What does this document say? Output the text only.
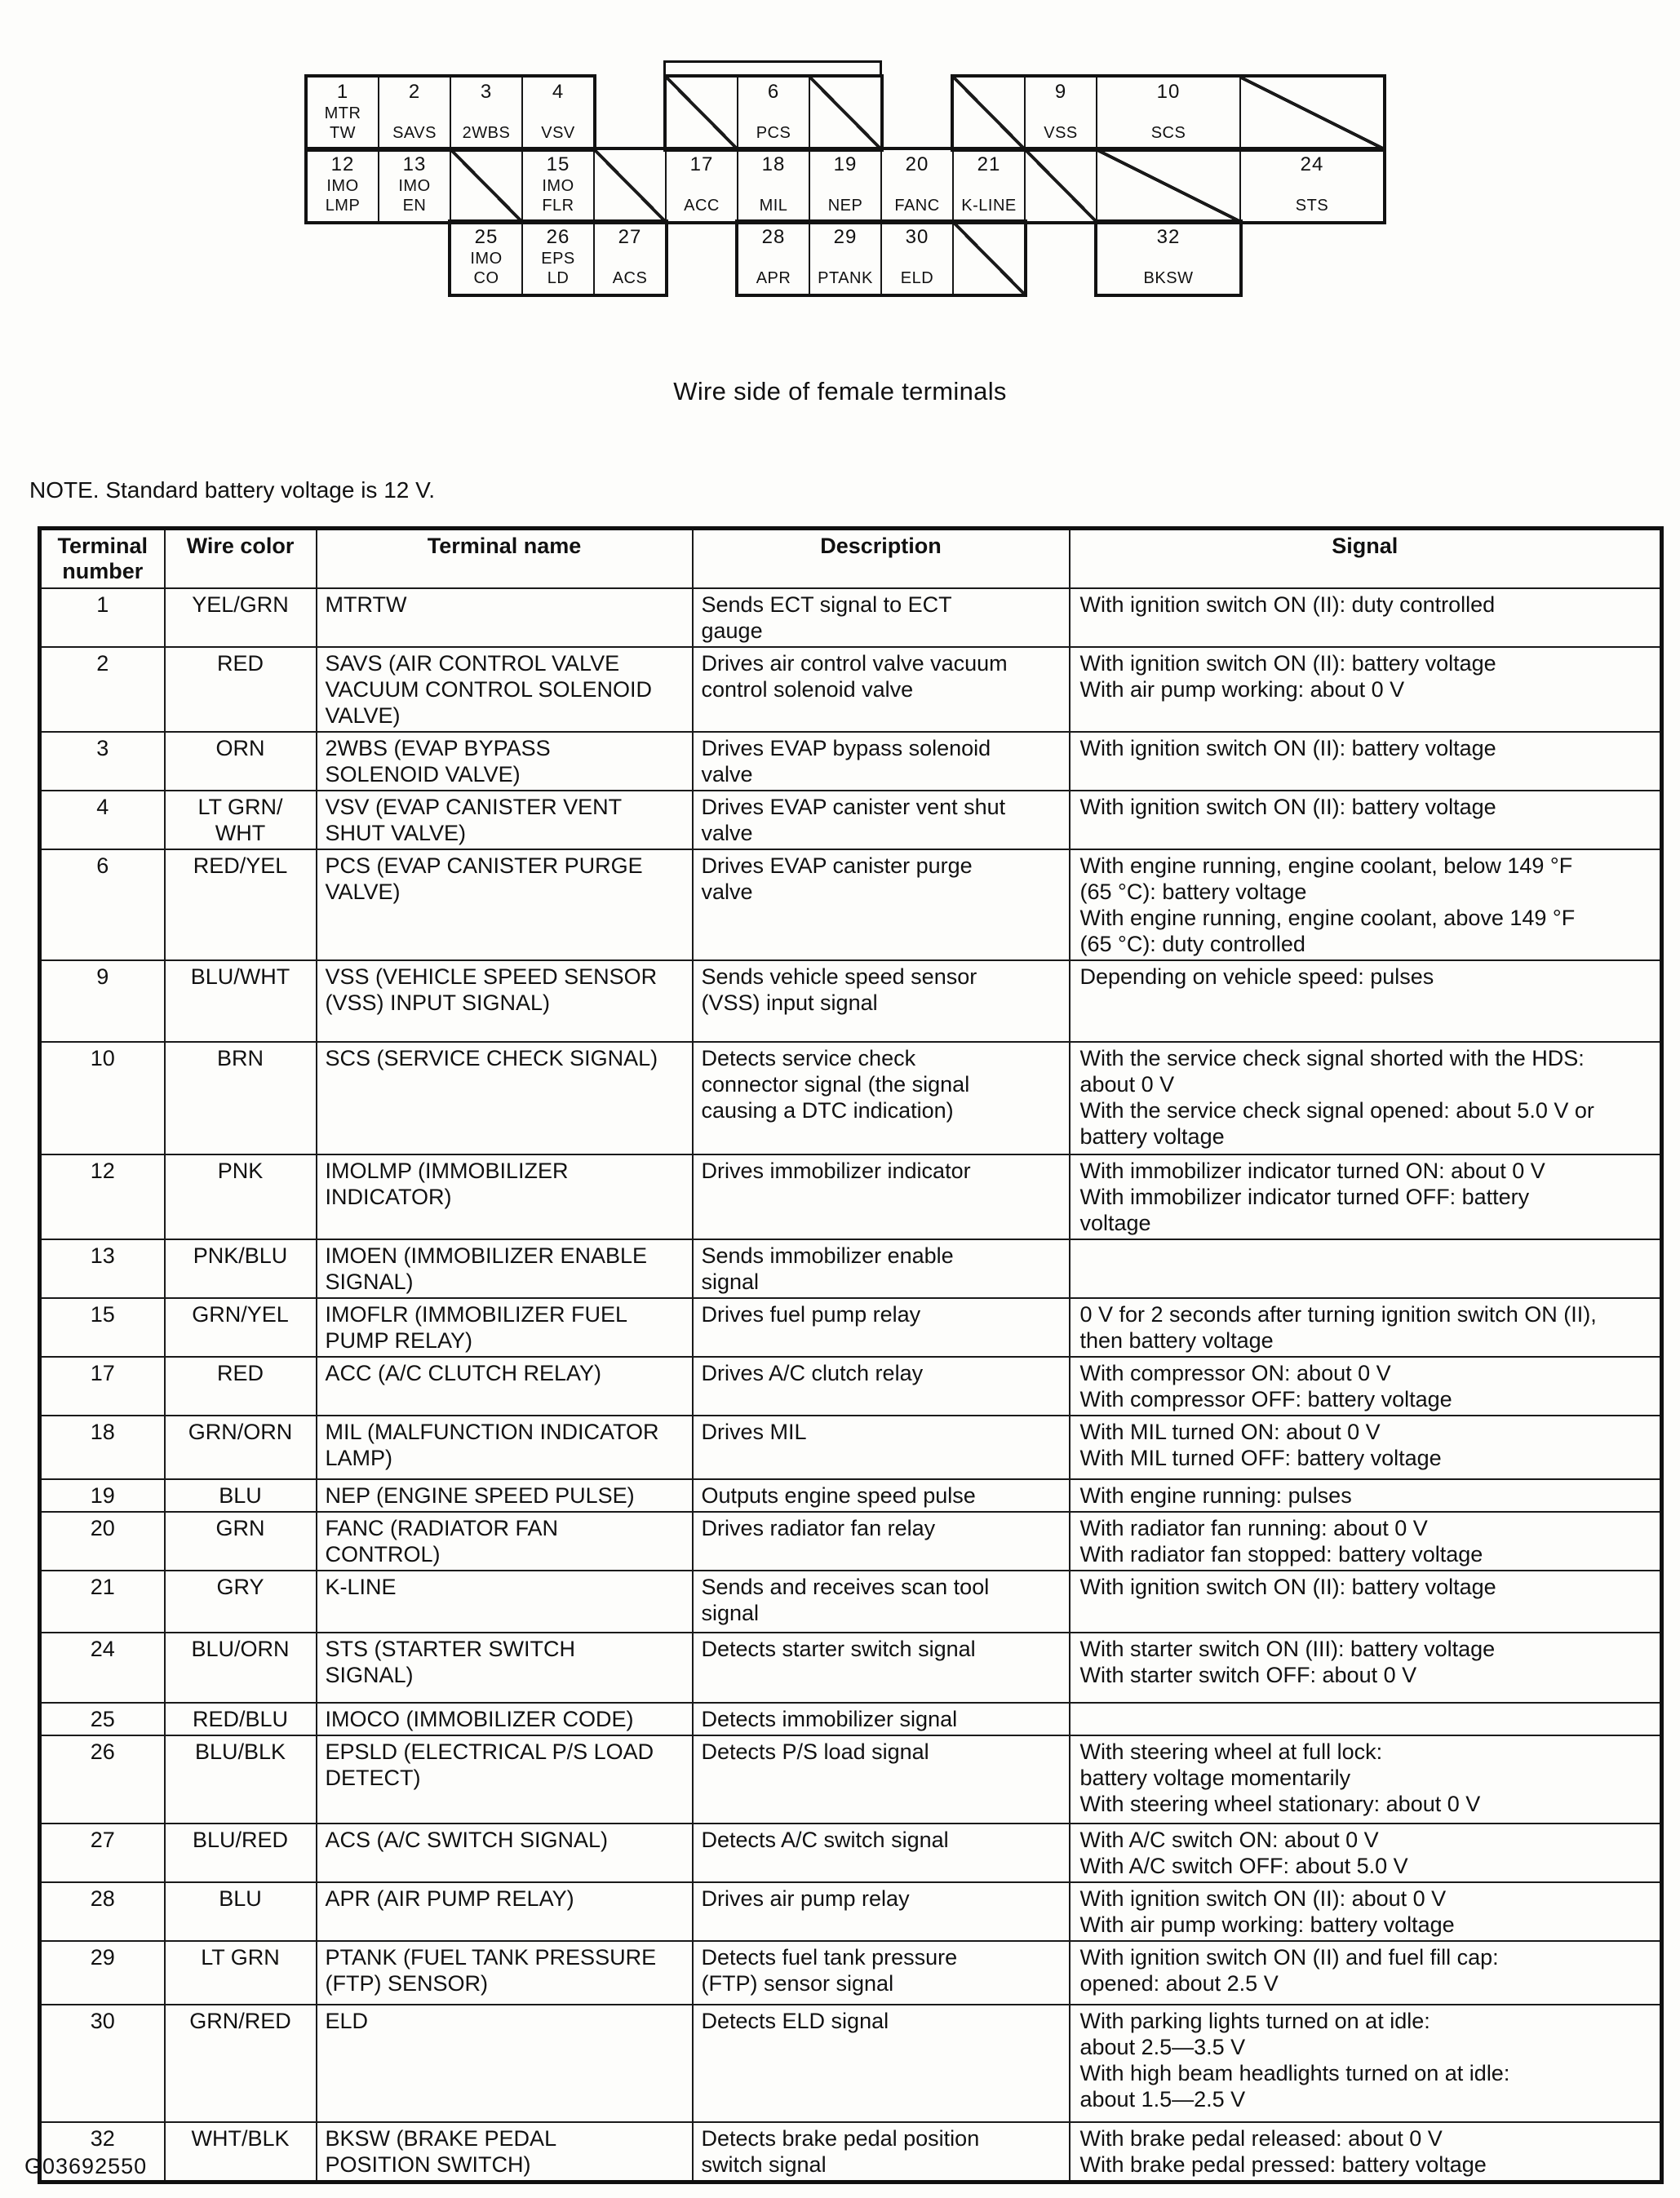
1
MTR
TW
2
SAVS
3
2WBS
4
VSV
6
PCS
9
VSS
10
SCS
12
IMO
LMP
13
IMO
EN
15
IMO
FLR
17
ACC
18
MIL
19
NEP
20
FANC
21
K-LINE
24
STS
25
IMO
CO
26
EPS
LD
27
ACS
28
APR
29
PTANK
30
ELD
32
BKSW
Wire side of female terminals
NOTE. Standard battery voltage is 12 V.
Terminal number	Wire color	Terminal name	Description	Signal

1	YEL/GRN	MTRTW	Sends ECT signal to ECT gauge	With ignition switch ON (II): duty controlled

2	RED	SAVS (AIR CONTROL VALVE VACUUM CONTROL SOLENOID VALVE)	Drives air control valve vacuum control solenoid valve	With ignition switch ON (II): battery voltage
With air pump working: about 0 V

3	ORN	2WBS (EVAP BYPASS SOLENOID VALVE)	Drives EVAP bypass solenoid valve	With ignition switch ON (II): battery voltage

4	LT GRN/
WHT	VSV (EVAP CANISTER VENT SHUT VALVE)	Drives EVAP canister vent shut valve	With ignition switch ON (II): battery voltage

6	RED/YEL	PCS (EVAP CANISTER PURGE VALVE)	Drives EVAP canister purge valve	With engine running, engine coolant, below 149 °F (65 °C): battery voltage
With engine running, engine coolant, above 149 °F (65 °C): duty controlled

9	BLU/WHT	VSS (VEHICLE SPEED SENSOR (VSS) INPUT SIGNAL)	Sends vehicle speed sensor (VSS) input signal	Depending on vehicle speed: pulses

10	BRN	SCS (SERVICE CHECK SIGNAL)	Detects service check connector signal (the signal causing a DTC indication)	With the service check signal shorted with the HDS: about 0 V
With the service check signal opened: about 5.0 V or battery voltage

12	PNK	IMOLMP (IMMOBILIZER INDICATOR)	Drives immobilizer indicator	With immobilizer indicator turned ON: about 0 V
With immobilizer indicator turned OFF: battery voltage

13	PNK/BLU	IMOEN (IMMOBILIZER ENABLE SIGNAL)	Sends immobilizer enable signal	

15	GRN/YEL	IMOFLR (IMMOBILIZER FUEL PUMP RELAY)	Drives fuel pump relay	0 V for 2 seconds after turning ignition switch ON (II), then battery voltage

17	RED	ACC (A/C CLUTCH RELAY)	Drives A/C clutch relay	With compressor ON: about 0 V
With compressor OFF: battery voltage

18	GRN/ORN	MIL (MALFUNCTION INDICATOR LAMP)	Drives MIL	With MIL turned ON: about 0 V
With MIL turned OFF: battery voltage

19	BLU	NEP (ENGINE SPEED PULSE)	Outputs engine speed pulse	With engine running: pulses

20	GRN	FANC (RADIATOR FAN CONTROL)	Drives radiator fan relay	With radiator fan running: about 0 V
With radiator fan stopped: battery voltage

21	GRY	K-LINE	Sends and receives scan tool signal	With ignition switch ON (II): battery voltage

24	BLU/ORN	STS (STARTER SWITCH SIGNAL)	Detects starter switch signal	With starter switch ON (III): battery voltage
With starter switch OFF: about 0 V

25	RED/BLU	IMOCO (IMMOBILIZER CODE)	Detects immobilizer signal	

26	BLU/BLK	EPSLD (ELECTRICAL P/S LOAD DETECT)	Detects P/S load signal	With steering wheel at full lock:
battery voltage momentarily
With steering wheel stationary: about 0 V

27	BLU/RED	ACS (A/C SWITCH SIGNAL)	Detects A/C switch signal	With A/C switch ON: about 0 V
With A/C switch OFF: about 5.0 V

28	BLU	APR (AIR PUMP RELAY)	Drives air pump relay	With ignition switch ON (II): about 0 V
With air pump working: battery voltage

29	LT GRN	PTANK (FUEL TANK PRESSURE (FTP) SENSOR)	Detects fuel tank pressure (FTP) sensor signal	With ignition switch ON (II) and fuel fill cap:
opened: about 2.5 V

30	GRN/RED	ELD	Detects ELD signal	With parking lights turned on at idle:
about 2.5—3.5 V
With high beam headlights turned on at idle:
about 1.5—2.5 V

32	WHT/BLK	BKSW (BRAKE PEDAL POSITION SWITCH)	Detects brake pedal position switch signal	With brake pedal released: about 0 V
With brake pedal pressed: battery voltage
G03692550
